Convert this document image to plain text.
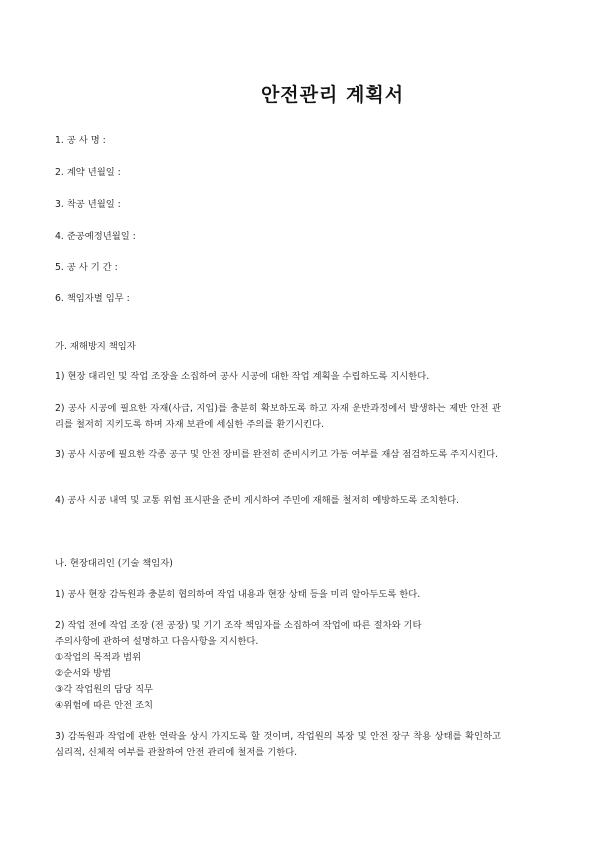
안전관리 계획서
1. 공 사 명 :
2. 계약 년월일 :
3. 착공 년월일 :
4. 준공예정년월일 :
5. 공 사 기 간 :
6. 책임자별 임무 :
가. 재해방지 책임자
1) 현장 대리인 및 작업 조장을 소집하여 공사 시공에 대한 작업 계획을 수립하도록 지시한다.
2) 공사 시공에 필요한 자재(사급, 지입)를 충분히 확보하도록 하고 자재 운반과정에서 발생하는 제반 안전 관리를 철저히 지키도록 하며 자재 보관에 세심한 주의를 환기시킨다.
3) 공사 시공에 필요한 각종 공구 및 안전 장비를 완전히 준비시키고 가동 여부를 재삼 점검하도록 주지시킨다.
4) 공사 시공 내역 및 교통 위험 표시판을 준비 게시하여 주민에 재해를 철저히 예방하도록 조치한다.
나. 현장대리인 (기술 책임자)
1) 공사 현장 감독원과 충분히 협의하여 작업 내용과 현장 상태 등을 미리 알아두도록 한다.
2) 작업 전에 작업 조장 (전 공장) 및 기기 조작 책임자를 소집하여 작업에 따른 절차와 기타
주의사항에 관하여 설명하고 다음사항을 지시한다.
①작업의 목적과 범위
②순서와 방법
③각 작업원의 담당 직무
④위험에 따른 안전 조치
3) 감독원과 작업에 관한 연락을 상시 가지도록 할 것이며, 작업원의 복장 및 안전 장구 착용 상태를 확인하고 심리적, 신체적 여부를 관찰하여 안전 관리에 철저를 기한다.
